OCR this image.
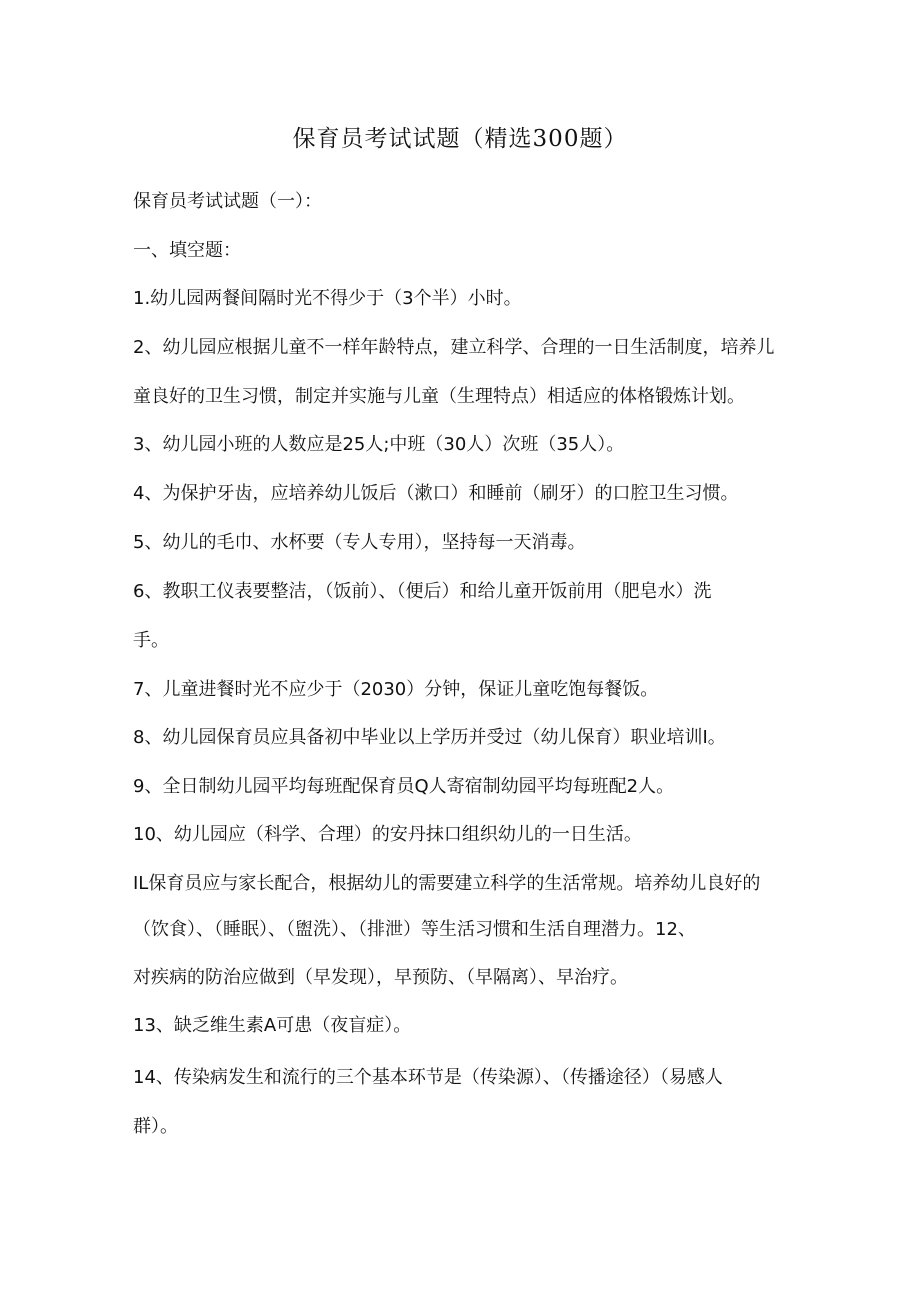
保育员考试试题（精选300题）
保育员考试试题（一）：
一、填空题：
1.幼儿园两餐间隔时光不得少于（3个半）小时。
2、幼儿园应根据儿童不一样年龄特点，建立科学、合理的一日生活制度，培养儿
童良好的卫生习惯，制定并实施与儿童（生理特点）相适应的体格锻炼计划。
3、幼儿园小班的人数应是25人;中班（30人）次班（35人）。
4、为保护牙齿，应培养幼儿饭后（漱口）和睡前（刷牙）的口腔卫生习惯。
5、幼儿的毛巾、水杯要（专人专用），坚持每一天消毒。
6、教职工仪表要整洁，（饭前）、（便后）和给儿童开饭前用（肥皂水）洗
手。
7、儿童进餐时光不应少于（2030）分钟，保证儿童吃饱每餐饭。
8、幼儿园保育员应具备初中毕业以上学历并受过（幼儿保育）职业培训I。
9、全日制幼儿园平均每班配保育员Q人寄宿制幼园平均每班配2人。
10、幼儿园应（科学、合理）的安丹抹口组织幼儿的一日生活。
IL保育员应与家长配合，根据幼儿的需要建立科学的生活常规。培养幼儿良好的
（饮食）、（睡眠）、（盥洗）、（排泄）等生活习惯和生活自理潜力。12、
对疾病的防治应做到（早发现），早预防、（早隔离）、早治疗。
13、缺乏维生素A可患（夜盲症）。
14、传染病发生和流行的三个基本环节是（传染源）、（传播途径）（易感人
群）。
